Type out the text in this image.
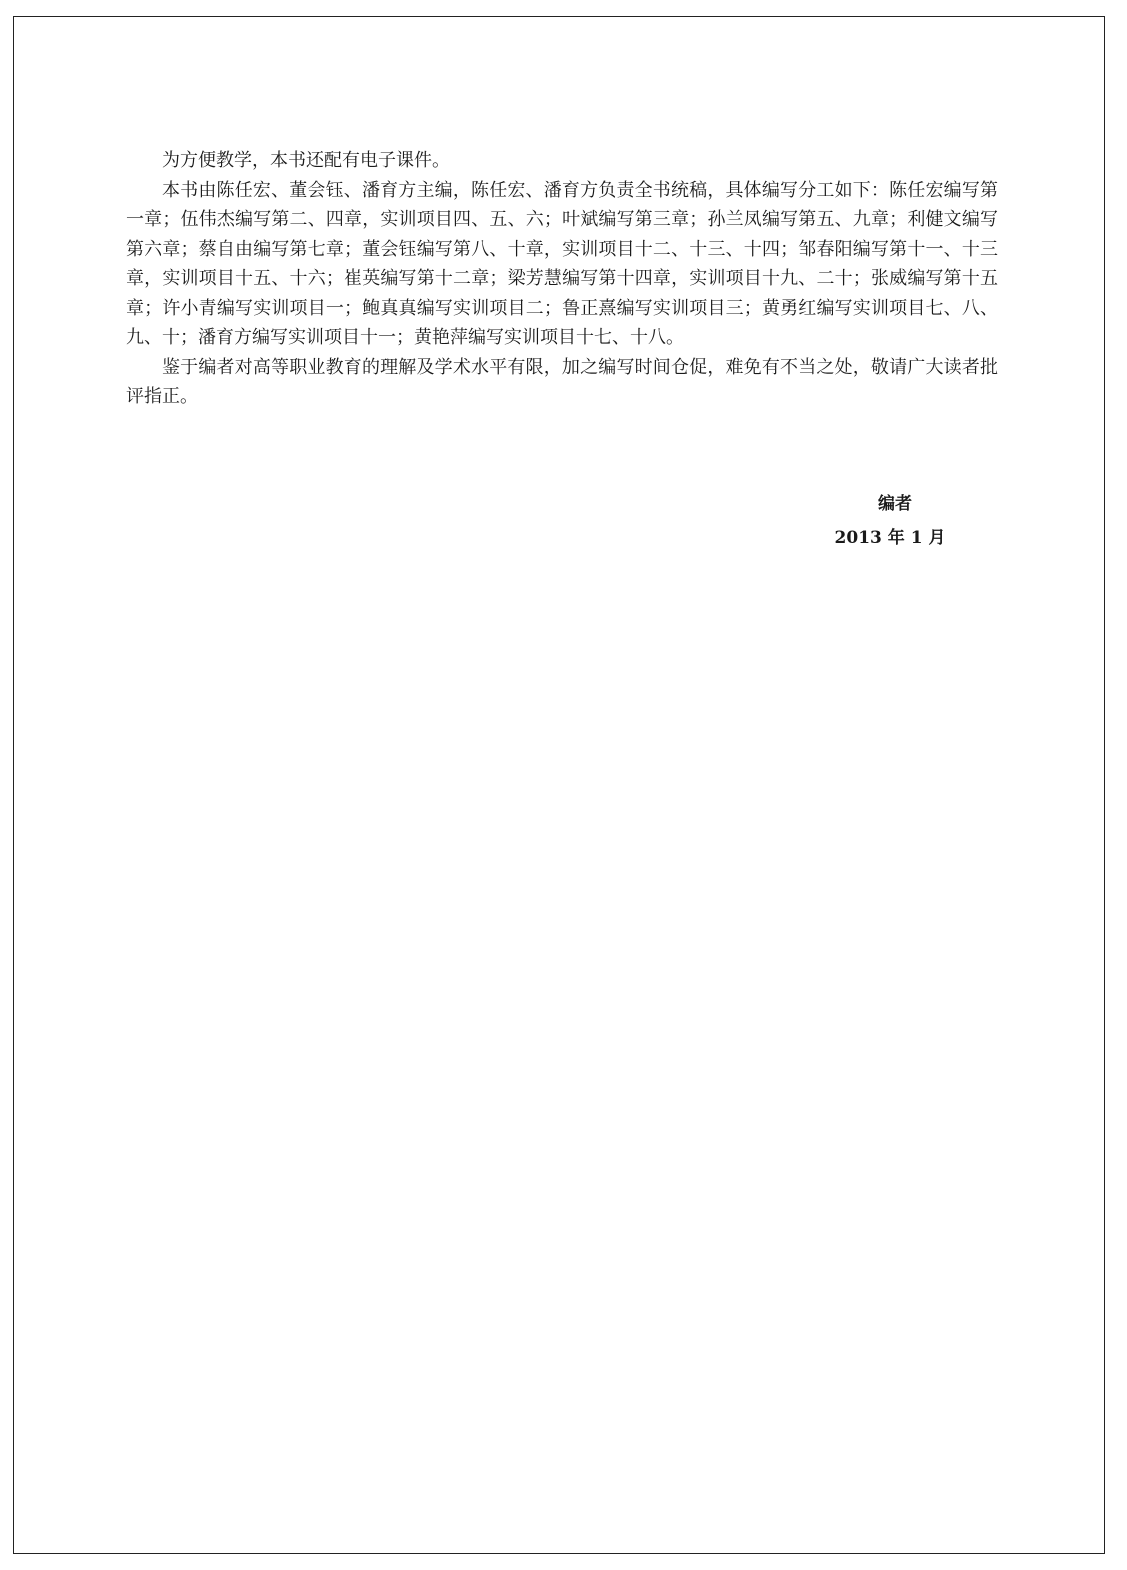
为方便教学，本书还配有电子课件。

本书由陈任宏、董会钰、潘育方主编，陈任宏、潘育方负责全书统稿，具体编写分工如下：陈任宏编写第一章；伍伟杰编写第二、四章，实训项目四、五、六；叶斌编写第三章；孙兰凤编写第五、九章；利健文编写第六章；蔡自由编写第七章；董会钰编写第八、十章，实训项目十二、十三、十四；邹春阳编写第十一、十三章，实训项目十五、十六；崔英编写第十二章；梁芳慧编写第十四章，实训项目十九、二十；张威编写第十五章；许小青编写实训项目一；鲍真真编写实训项目二；鲁正熹编写实训项目三；黄勇红编写实训项目七、八、九、十；潘育方编写实训项目十一；黄艳萍编写实训项目十七、十八。

鉴于编者对高等职业教育的理解及学术水平有限，加之编写时间仓促，难免有不当之处，敬请广大读者批评指正。

编者
2013 年 1 月
